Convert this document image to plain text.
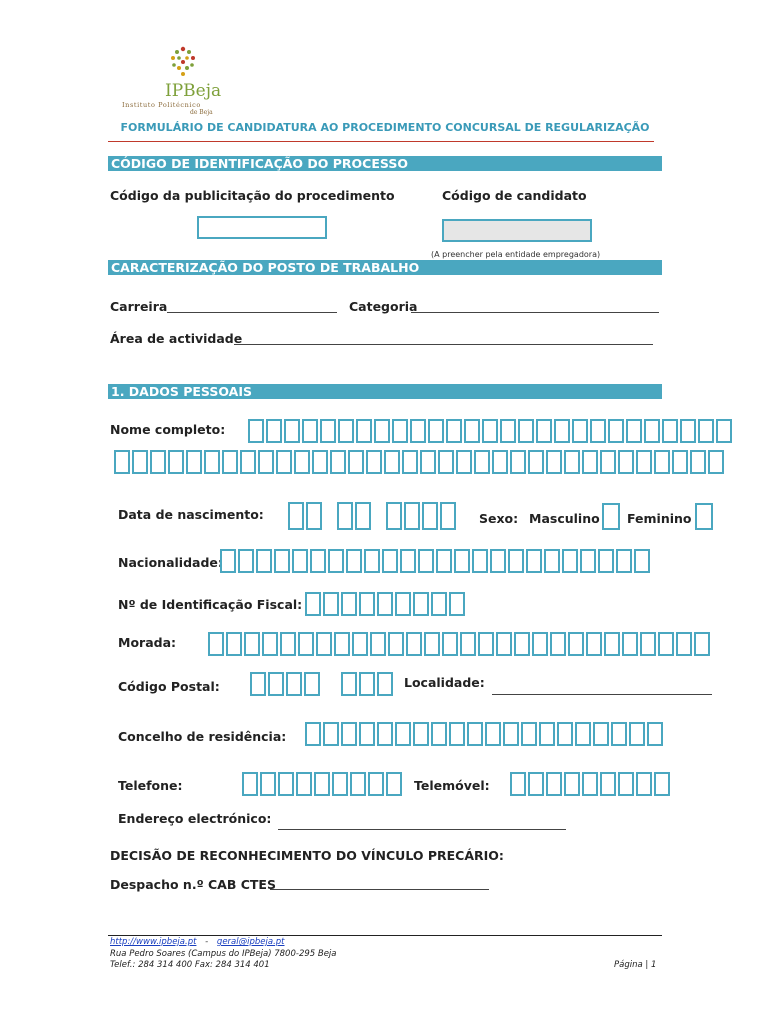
IPBeja
Instituto Politécnico
de Beja
FORMULÁRIO DE CANDIDATURA AO PROCEDIMENTO CONCURSAL DE REGULARIZAÇÃO
CÓDIGO DE IDENTIFICAÇÃO DO PROCESSO
Código da publicitação do procedimento	Código de candidato
(A preencher pela entidade empregadora)
CARACTERIZAÇÃO DO POSTO DE TRABALHO
Carreira	Categoria
Área de actividade
1. DADOS PESSOAIS
Nome completo:
Data de nascimento:	Sexo: Masculino Feminino
Nacionalidade:
Nº de Identificação Fiscal:
Morada:
Código Postal:	Localidade:
Concelho de residência:
Telefone:	Telemóvel:
Endereço electrónico:
DECISÃO DE RECONHECIMENTO DO VÍNCULO PRECÁRIO:
Despacho n.º CAB CTES
http://www.ipbeja.pt - geral@ipbeja.pt
Rua Pedro Soares (Campus do IPBeja) 7800-295 Beja
Telef.: 284 314 400 Fax: 284 314 401	Página | 1
